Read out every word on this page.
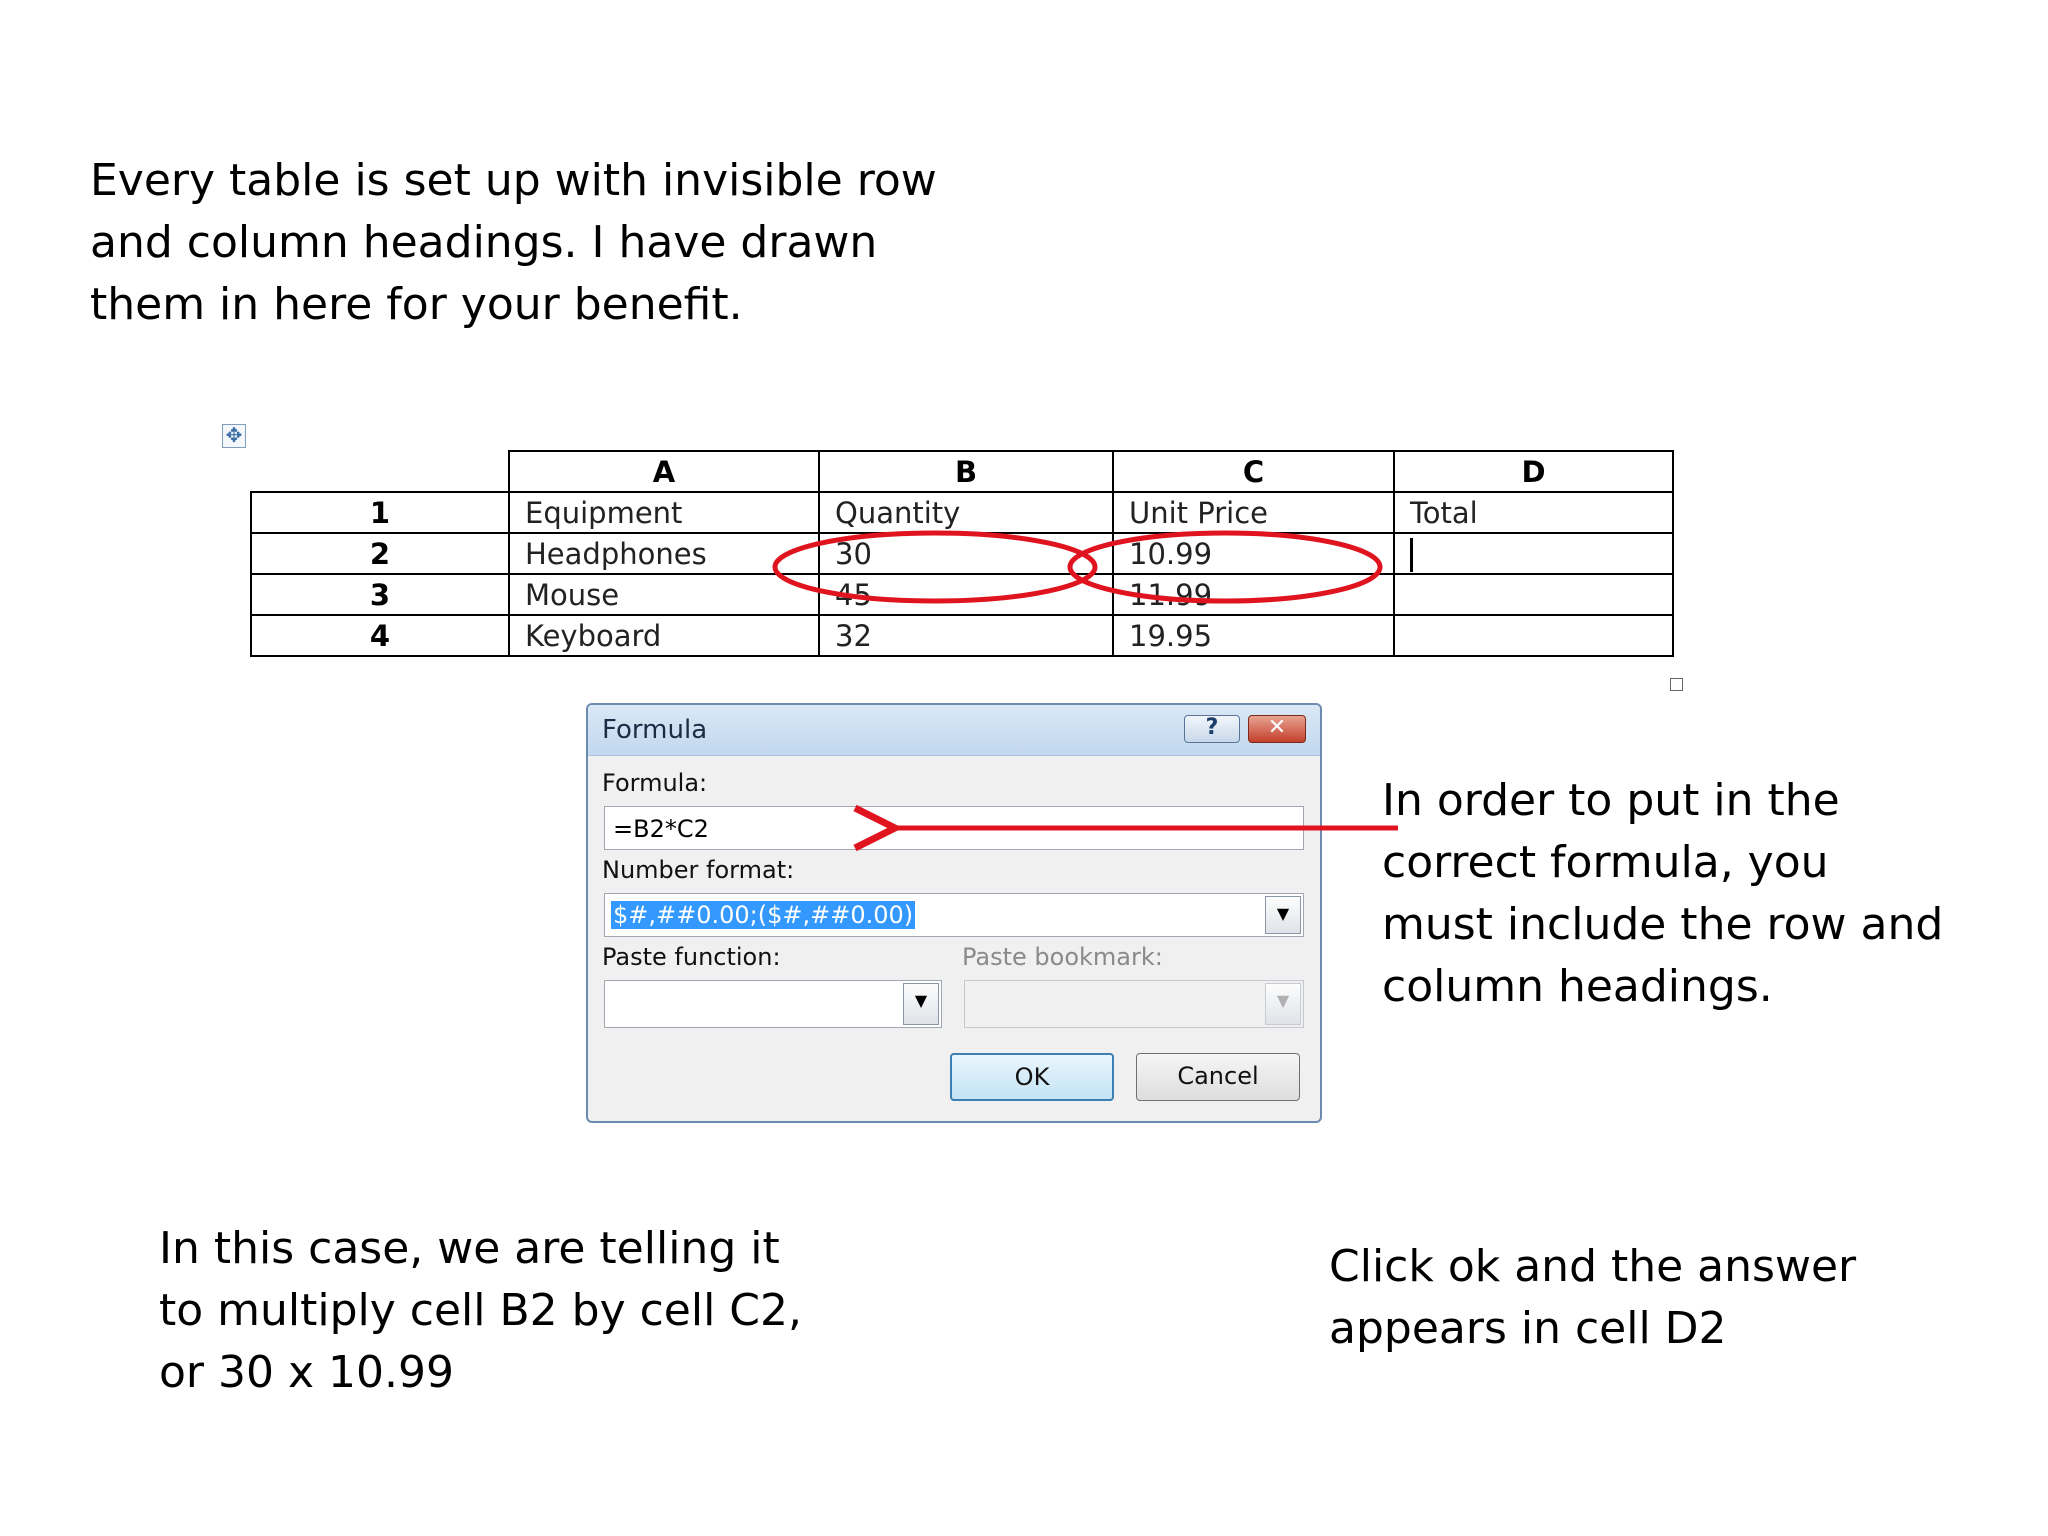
Every table is set up with invisible row
and column headings. I have drawn
them in here for your benefit.
In order to put in the
correct formula, you
must include the row and
column headings.
In this case, we are telling it
to multiply cell B2 by cell C2,
or 30 x 10.99
Click ok and the answer
appears in cell D2
✥
	A	B	C	D
1	Equipment	Quantity	Unit Price	Total
2	Headphones	30	10.99	
3	Mouse	45	11.99	
4	Keyboard	32	19.95	
Formula	?	✕
Formula:
=B2*C2
Number format:
$#,##0.00;($#,##0.00)	▼
Paste function:
▼
Paste bookmark:
▼
OK	Cancel
